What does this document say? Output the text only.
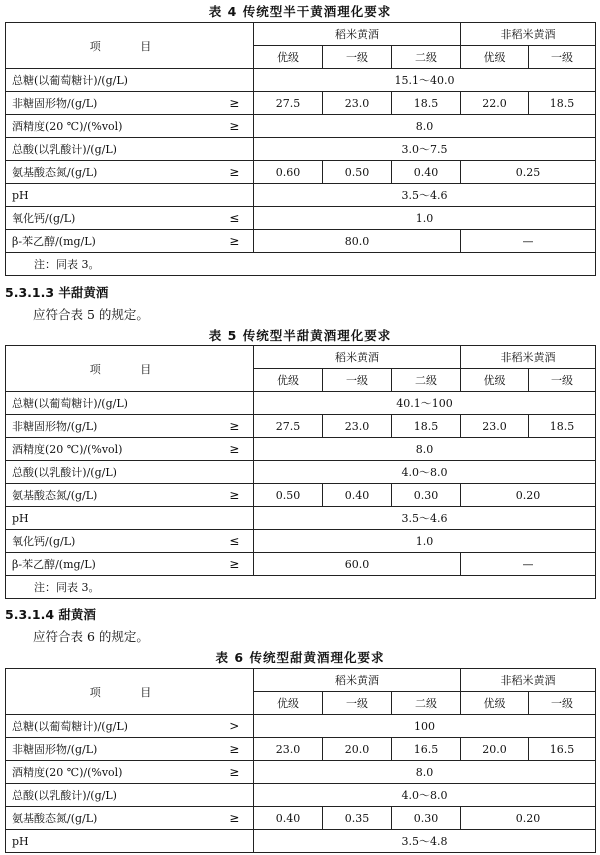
表 4 传统型半干黄酒理化要求
项 目		稻米黄酒			非稻米黄酒	
		优级	一级	二级	优级	一级
总糖(以葡萄糖计)/(g/L)		15.1～40.0				
非糖固形物/(g/L)	≥	27.5	23.0	18.5	22.0	18.5
酒精度(20 ℃)/(%vol)	≥	8.0				
总酸(以乳酸计)/(g/L)		3.0～7.5				
氨基酸态氮/(g/L)	≥	0.60	0.50	0.40	0.25	
pH		3.5～4.6				
氧化钙/(g/L)	≤	1.0				
β-苯乙醇/(mg/L)	≥	80.0			—	
注：同表 3。						
5.3.1.3 半甜黄酒
应符合表 5 的规定。
表 5 传统型半甜黄酒理化要求
项 目		稻米黄酒			非稻米黄酒	
		优级	一级	二级	优级	一级
总糖(以葡萄糖计)/(g/L)		40.1～100				
非糖固形物/(g/L)	≥	27.5	23.0	18.5	23.0	18.5
酒精度(20 ℃)/(%vol)	≥	8.0				
总酸(以乳酸计)/(g/L)		4.0～8.0				
氨基酸态氮/(g/L)	≥	0.50	0.40	0.30	0.20	
pH		3.5～4.6				
氧化钙/(g/L)	≤	1.0				
β-苯乙醇/(mg/L)	≥	60.0			—	
注：同表 3。						
5.3.1.4 甜黄酒
应符合表 6 的规定。
表 6 传统型甜黄酒理化要求
项 目		稻米黄酒			非稻米黄酒	
		优级	一级	二级	优级	一级
总糖(以葡萄糖计)/(g/L)	>	100				
非糖固形物/(g/L)	≥	23.0	20.0	16.5	20.0	16.5
酒精度(20 ℃)/(%vol)	≥	8.0				
总酸(以乳酸计)/(g/L)		4.0～8.0				
氨基酸态氮/(g/L)	≥	0.40	0.35	0.30	0.20	
pH		3.5～4.8				
